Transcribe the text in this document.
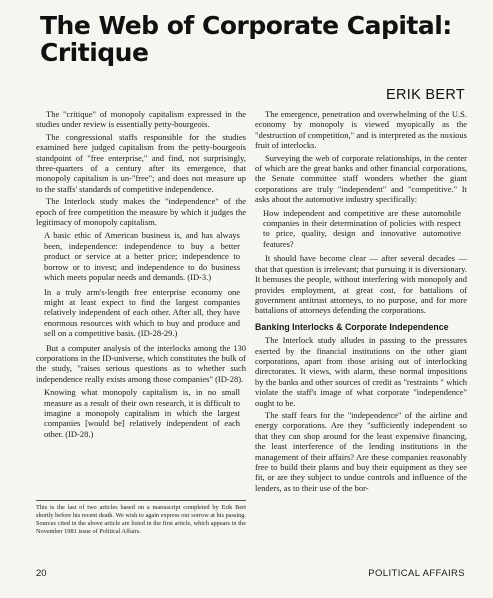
The Web of Corporate Capital: Critique
ERIK BERT

The "critique" of monopoly capitalism expressed in the studies under review is essentially petty-bourgeois.

The congressional staffs responsible for the studies examined here judged capitalism from the petty-bourgeois standpoint of "free enterprise," and find, not surprisingly, three-quarters of a century after its emergence, that monopoly capitalism is un-"free"; and does not measure up to the staffs' standards of competitive independence.

The Interlock study makes the "independence" of the epoch of free competition the measure by which it judges the legitimacy of monopoly capitalism.

A basic ethic of American business is, and has always been, independence: independence to buy a better product or service at a better price; independence to borrow or to invest; and independence to do business which meets popular needs and demands. (ID-3.)

In a truly arm's-length free enterprise economy one might at least expect to find the largest companies relatively independent of each other. After all, they have enormous resources with which to buy and produce and sell on a competitive basis. (ID-28-29.)

But a computer analysis of the interlocks among the 130 corporations in the ID-universe, which constitutes the bulk of the study, "raises serious questions as to whether such independence really exists among those companies" (ID-28).

Knowing what monopoly capitalism is, in no small measure as a result of their own research, it is difficult to imagine a monopoly capitalism in which the largest companies [would be] relatively independent of each other. (ID-28.)

This is the last of two articles based on a manuscript completed by Erik Bert shortly before his recent death. We wish to again express our sorrow at his passing. Sources cited in the above article are listed in the first article, which appears in the November 1981 issue of Political Affairs.

The emergence, penetration and overwhelming of the U.S. economy by monopoly is viewed myopically as the "destruction of competition," and is interpreted as the noxious fruit of interlocks.

Surveying the web of corporate relationships, in the center of which are the great banks and other financial corporations, the Senate committee staff wonders whether the giant corporations are truly "independent" and "competitive." It asks about the automotive industry specifically:

How independent and competitive are these automobile companies in their determination of policies with respect to price, quality, design and innovative automotive features?

It should have become clear — after several decades — that that question is irrelevant; that pursuing it is diversionary. It bemuses the people, without interfering with monopoly and provides employment, at great cost, for battalions of government antitrust attorneys, to no purpose, and for more battalions of attorneys defending the corporations.

Banking Interlocks & Corporate Independence

The Interlock study alludes in passing to the pressures exerted by the financial institutions on the other giant corporations, apart from those arising out of interlocking directorates. It views, with alarm, these normal impositions by the banks and other sources of credit as "restraints " which violate the staff's image of what corporate "independence" ought to be.

The staff fears for the "independence" of the airline and energy corporations. Are they "sufficiently independent so that they can shop around for the least expensive financing, the least interference of the lending institutions in the management of their affairs? Are these companies reasonably free to build their plants and buy their equipment as they see fit, or are they subject to undue controls and influence of the lenders, as to their use of the bor-

20	POLITICAL AFFAIRS
